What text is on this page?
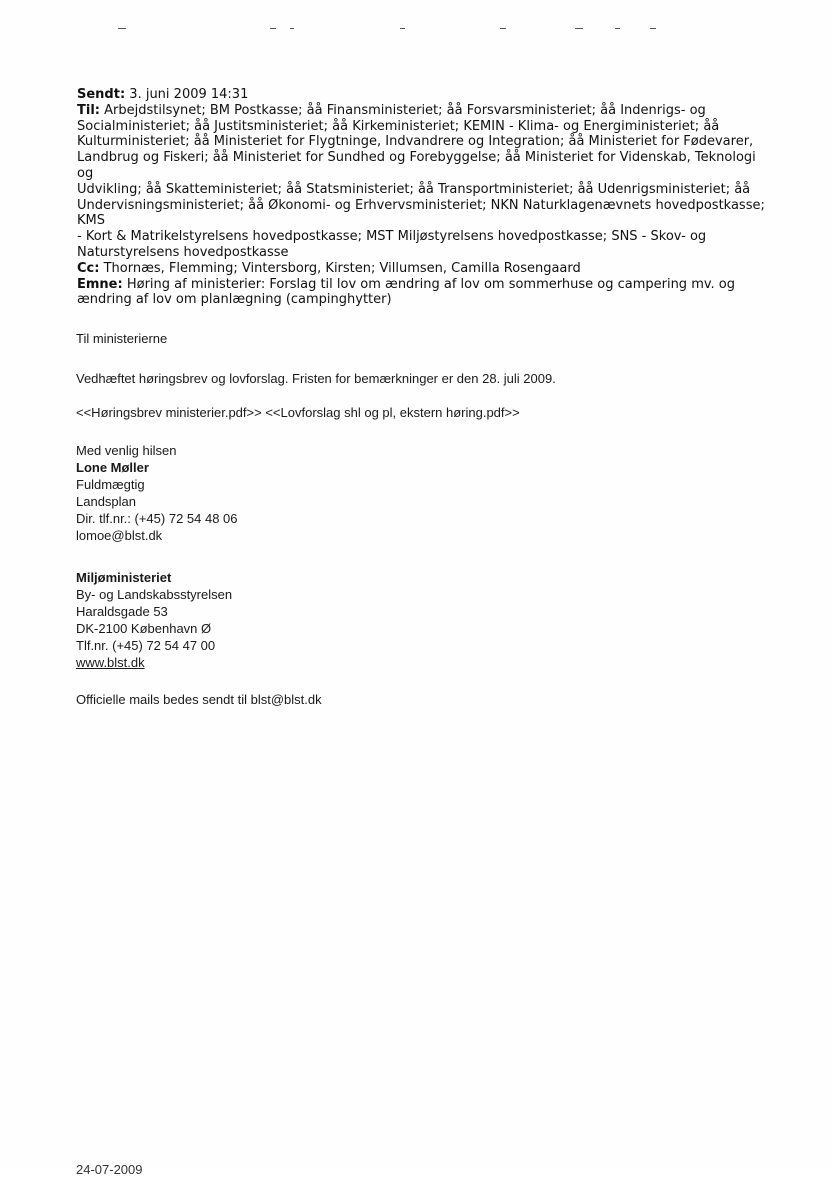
Sendt: 3. juni 2009 14:31

Til: Arbejdstilsynet; BM Postkasse; åå Finansministeriet; åå Forsvarsministeriet; åå Indenrigs- og

Socialministeriet; åå Justitsministeriet; åå Kirkeministeriet; KEMIN - Klima- og Energiministeriet; åå

Kulturministeriet; åå Ministeriet for Flygtninge, Indvandrere og Integration; åå Ministeriet for Fødevarer,

Landbrug og Fiskeri; åå Ministeriet for Sundhed og Forebyggelse; åå Ministeriet for Videnskab, Teknologi og

Udvikling; åå Skatteministeriet; åå Statsministeriet; åå Transportministeriet; åå Udenrigsministeriet; åå

Undervisningsministeriet; åå Økonomi- og Erhvervsministeriet; NKN Naturklagenævnets hovedpostkasse; KMS

- Kort & Matrikelstyrelsens hovedpostkasse; MST Miljøstyrelsens hovedpostkasse; SNS - Skov- og

Naturstyrelsens hovedpostkasse

Cc: Thornæs, Flemming; Vintersborg, Kirsten; Villumsen, Camilla Rosengaard

Emne: Høring af ministerier: Forslag til lov om ændring af lov om sommerhuse og campering mv. og

ændring af lov om planlægning (campinghytter)

Til ministerierne

Vedhæftet høringsbrev og lovforslag. Fristen for bemærkninger er den 28. juli 2009.

<<Høringsbrev ministerier.pdf>> <<Lovforslag shl og pl, ekstern høring.pdf>>

Med venlig hilsen

Lone Møller

Fuldmægtig

Landsplan

Dir. tlf.nr.: (+45) 72 54 48 06

lomoe@blst.dk

Miljøministeriet

By- og Landskabsstyrelsen

Haraldsgade 53

DK-2100 København Ø

Tlf.nr. (+45) 72 54 47 00

www.blst.dk

Officielle mails bedes sendt til blst@blst.dk

24-07-2009
